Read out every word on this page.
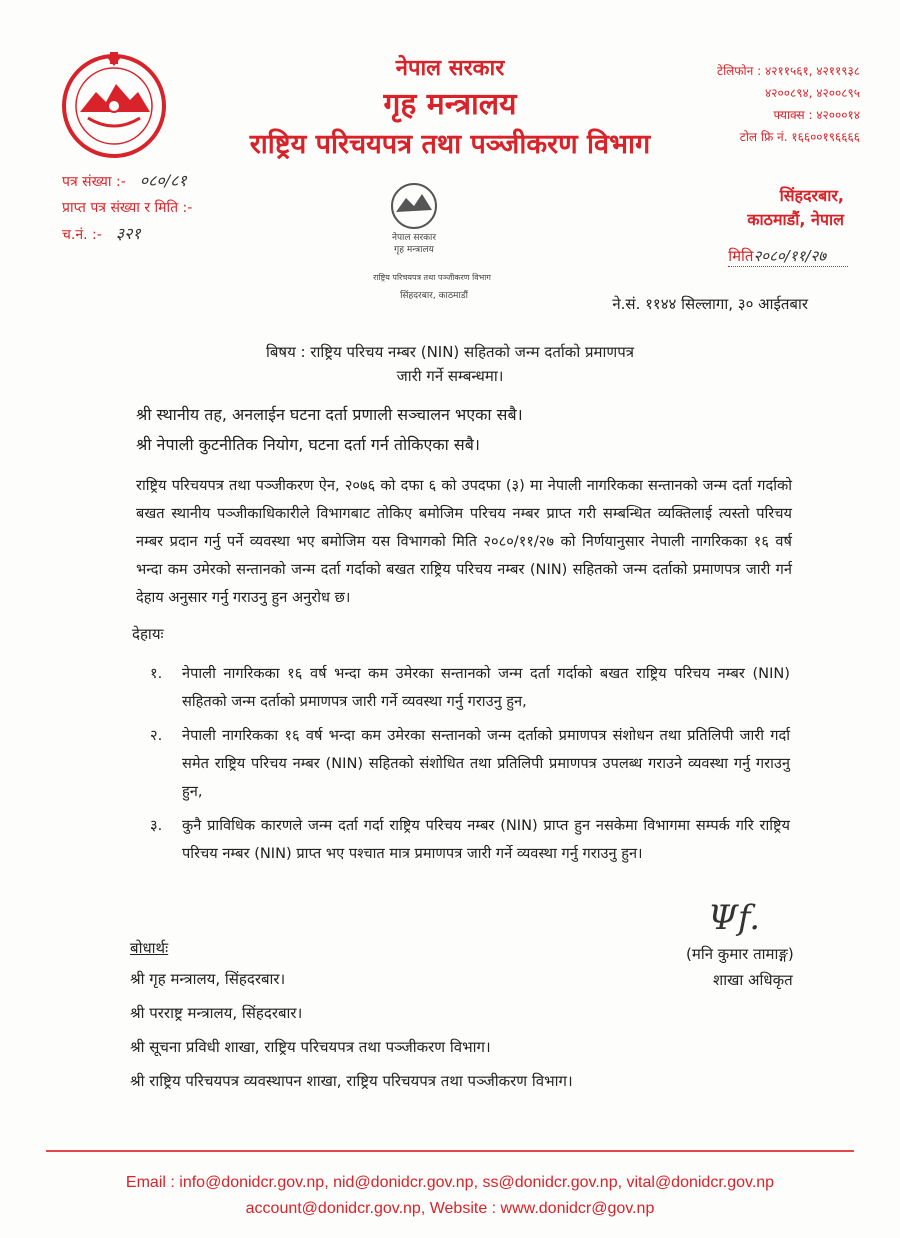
नेपाल सरकार
गृह मन्त्रालय
राष्ट्रिय परिचयपत्र तथा पञ्जीकरण विभाग
टेलिफोन : ४२११५६१, ४२११९३८
४२००८९४, ४२००८९५
फ्याक्स : ४२०००१४
टोल फ्रि नं. १६६००१९६६६६
पत्र संख्या :- ०८०/८१
प्राप्त पत्र संख्या र मिति :-
च.नं. :- ३२१	नेपाल सरकार
गृह मन्त्रालय
राष्ट्रिय परिचयपत्र तथा पञ्जीकरण विभाग
सिंहदरबार, काठमाडौं
सिंहदरबार,
काठमाडौं, नेपाल
मिति२०८०/११/२७
ने.सं. ११४४ सिल्लागा, ३० आईतबार
बिषय : राष्ट्रिय परिचय नम्बर (NIN) सहितको जन्म दर्ताको प्रमाणपत्र
जारी गर्ने सम्बन्धमा।
श्री स्थानीय तह, अनलाईन घटना दर्ता प्रणाली सञ्चालन भएका सबै।
श्री नेपाली कुटनीतिक नियोग, घटना दर्ता गर्न तोकिएका सबै।
राष्ट्रिय परिचयपत्र तथा पञ्जीकरण ऐन, २०७६ को दफा ६ को उपदफा (३) मा नेपाली नागरिकका सन्तानको जन्म दर्ता गर्दाको बखत स्थानीय पञ्जीकाधिकारीले विभागबाट तोकिए बमोजिम परिचय नम्बर प्राप्त गरी सम्बन्धित व्यक्तिलाई त्यस्तो परिचय नम्बर प्रदान गर्नु पर्ने व्यवस्था भए बमोजिम यस विभागको मिति २०८०/११/२७ को निर्णयानुसार नेपाली नागरिकका १६ वर्ष भन्दा कम उमेरको सन्तानको जन्म दर्ता गर्दाको बखत राष्ट्रिय परिचय नम्बर (NIN) सहितको जन्म दर्ताको प्रमाणपत्र जारी गर्न देहाय अनुसार गर्नु गराउनु हुन अनुरोध छ।
देहायः
१.	नेपाली नागरिकका १६ वर्ष भन्दा कम उमेरका सन्तानको जन्म दर्ता गर्दाको बखत राष्ट्रिय परिचय नम्बर (NIN) सहितको जन्म दर्ताको प्रमाणपत्र जारी गर्ने व्यवस्था गर्नु गराउनु हुन,
२.	नेपाली नागरिकका १६ वर्ष भन्दा कम उमेरका सन्तानको जन्म दर्ताको प्रमाणपत्र संशोधन तथा प्रतिलिपी जारी गर्दा समेत राष्ट्रिय परिचय नम्बर (NIN) सहितको संशोधित तथा प्रतिलिपी प्रमाणपत्र उपलब्ध गराउने व्यवस्था गर्नु गराउनु हुन,
३.	कुनै प्राविधिक कारणले जन्म दर्ता गर्दा राष्ट्रिय परिचय नम्बर (NIN) प्राप्त हुन नसकेमा विभागमा सम्पर्क गरि राष्ट्रिय परिचय नम्बर (NIN) प्राप्त भए पश्चात मात्र प्रमाणपत्र जारी गर्ने व्यवस्था गर्नु गराउनु हुन।
Ψf.
(मनि कुमार तामाङ्ग)
शाखा अधिकृत
बोधार्थः
श्री गृह मन्त्रालय, सिंहदरबार।
श्री परराष्ट्र मन्त्रालय, सिंहदरबार।
श्री सूचना प्रविधी शाखा, राष्ट्रिय परिचयपत्र तथा पञ्जीकरण विभाग।
श्री राष्ट्रिय परिचयपत्र व्यवस्थापन शाखा, राष्ट्रिय परिचयपत्र तथा पञ्जीकरण विभाग।
Email : info@donidcr.gov.np, nid@donidcr.gov.np, ss@donidcr.gov.np, vital@donidcr.gov.np
account@donidcr.gov.np, Website : www.donidcr@gov.np
